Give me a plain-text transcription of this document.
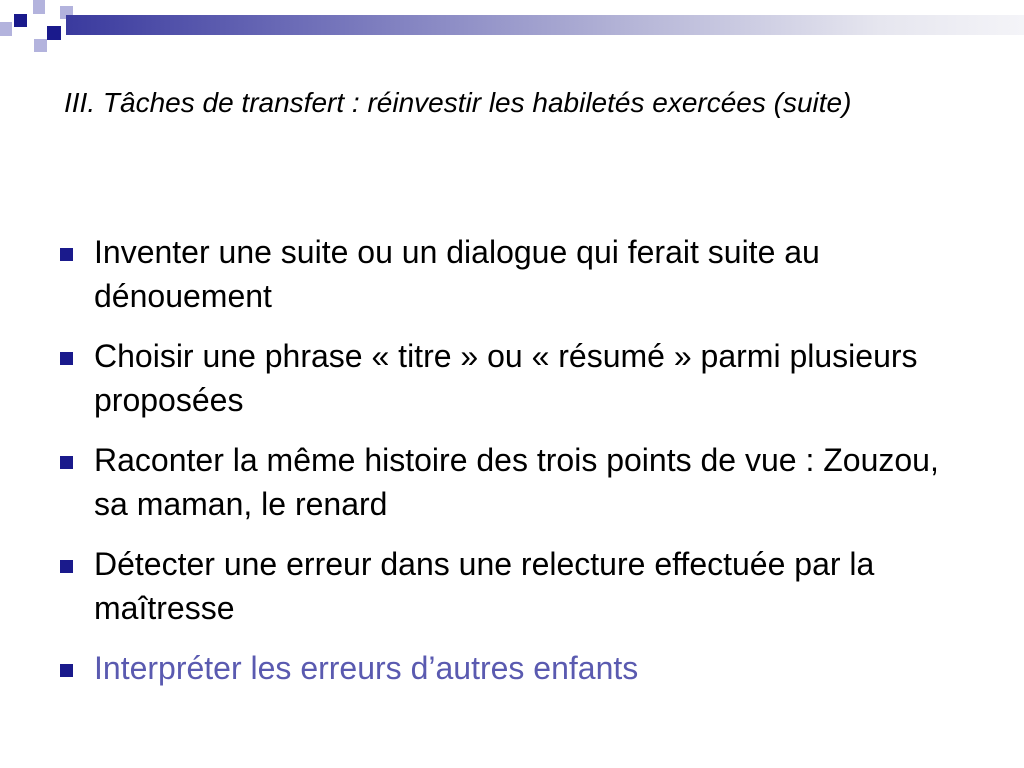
III. Tâches de transfert : réinvestir les habiletés exercées (suite)
Inventer une suite ou un dialogue qui ferait suite au dénouement
Choisir une phrase « titre » ou « résumé » parmi plusieurs proposées
Raconter la même histoire des trois points de vue : Zouzou, sa maman, le renard
Détecter une erreur dans une relecture effectuée par la maîtresse
Interpréter les erreurs d’autres enfants
